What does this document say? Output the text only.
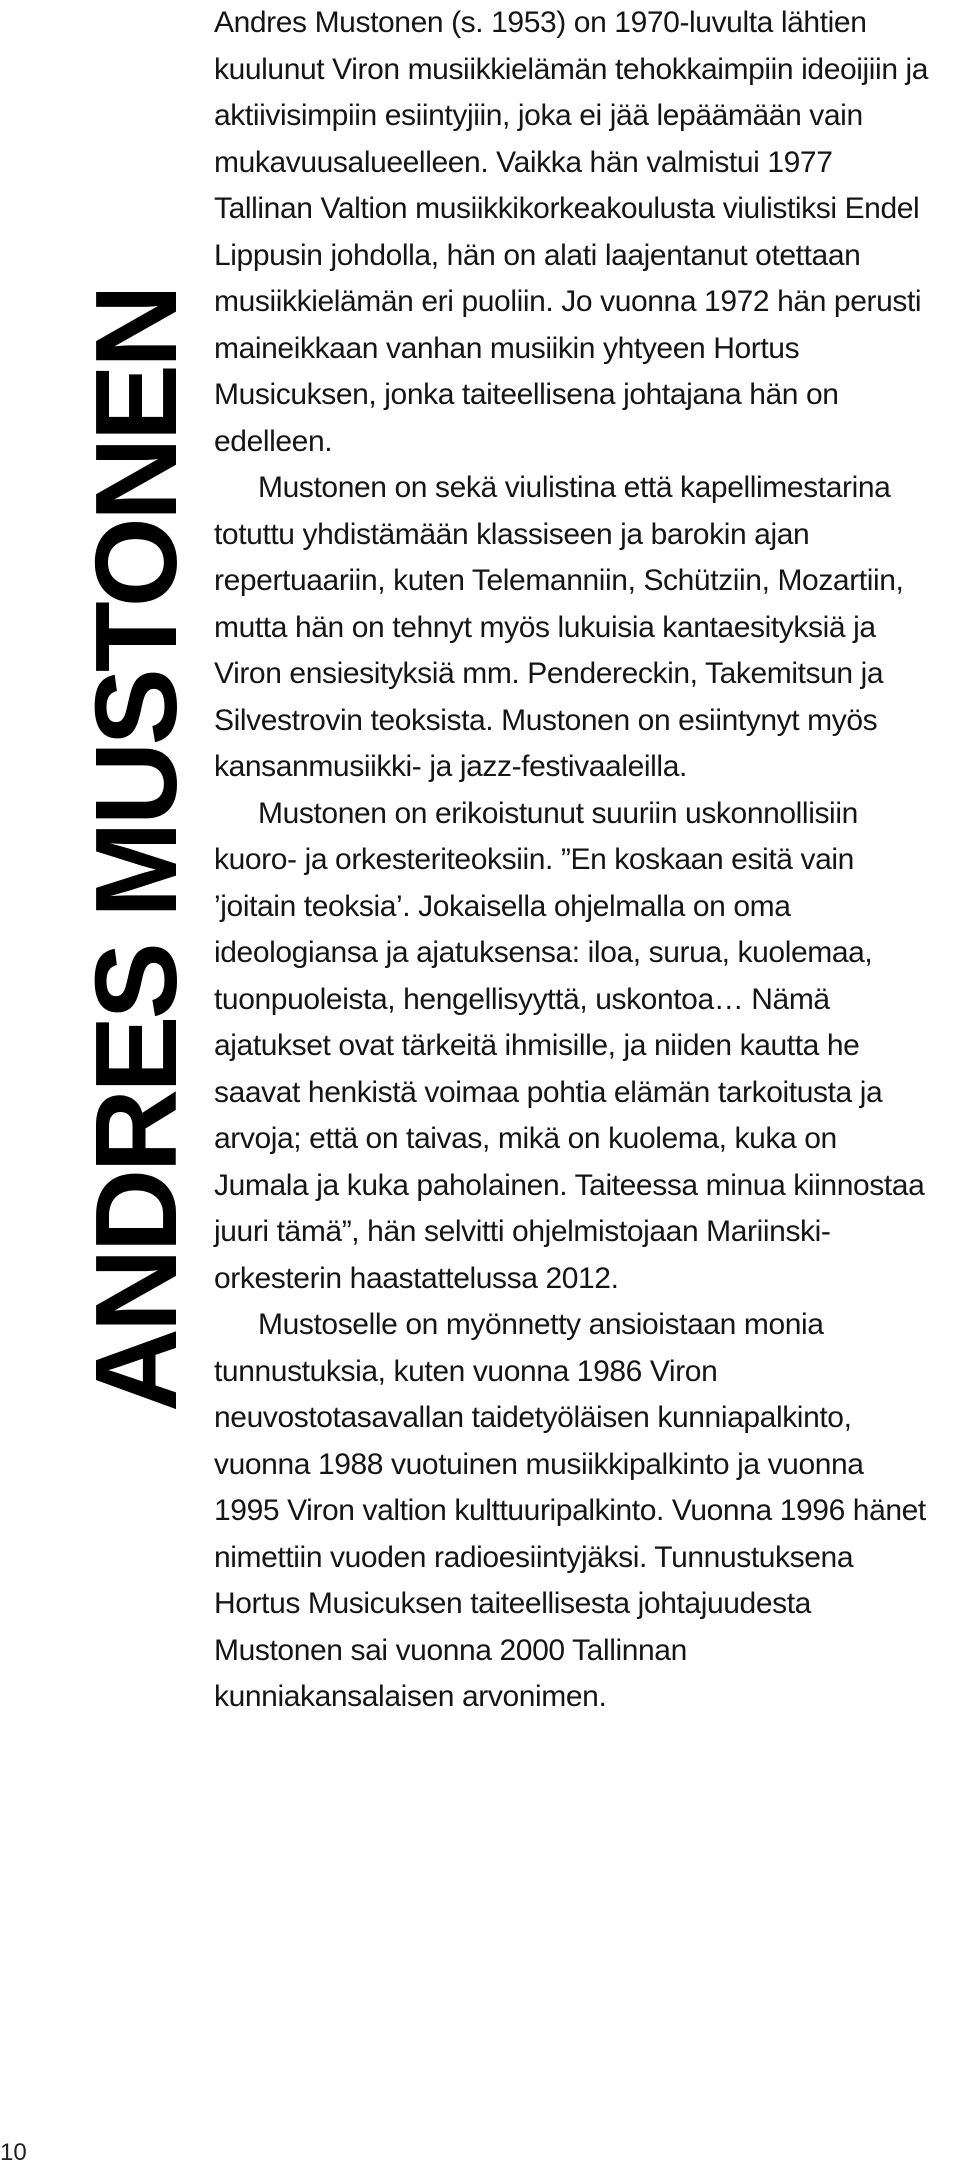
ANDRES MUSTONEN

Andres Mustonen (s. 1953) on 1970-luvulta lähtien kuulunut Viron musiikkielämän tehokkaimpiin ideoijiin ja aktiivisimpiin esiintyjiin, joka ei jää lepäämään vain mukavuusalueelleen. Vaikka hän valmistui 1977 Tallinan Valtion musiikkikorkeakoulusta viulistiksi Endel Lippusin johdolla, hän on alati laajentanut otettaan musiikkielämän eri puoliin. Jo vuonna 1972 hän perusti maineikkaan vanhan musiikin yhtyeen Hortus Musicuksen, jonka taiteellisena johtajana hän on edelleen.

Mustonen on sekä viulistina että kapellimestarina totuttu yhdistämään klassiseen ja barokin ajan repertuaariin, kuten Telemanniin, Schütziin, Mozartiin, mutta hän on tehnyt myös lukuisia kantaesityksiä ja Viron ensiesityksiä mm. Pendereckin, Takemitsun ja Silvestrovin teoksista. Mustonen on esiintynyt myös kansanmusiikki- ja jazz-festivaaleilla.

Mustonen on erikoistunut suuriin uskonnollisiin kuoro- ja orkesteriteoksiin. ”En koskaan esitä vain ’joitain teoksia’. Jokaisella ohjelmalla on oma ideologiansa ja ajatuksensa: iloa, surua, kuolemaa, tuonpuoleista, hengellisyyttä, uskontoa… Nämä ajatukset ovat tärkeitä ihmisille, ja niiden kautta he saavat henkistä voimaa pohtia elämän tarkoitusta ja arvoja; että on taivas, mikä on kuolema, kuka on Jumala ja kuka paholainen. Taiteessa minua kiinnostaa juuri tämä”, hän selvitti ohjelmistojaan Mariinski-orkesterin haastattelussa 2012.

Mustoselle on myönnetty ansioistaan monia tunnustuksia, kuten vuonna 1986 Viron neuvostotasavallan taidetyöläisen kunniapalkinto, vuonna 1988 vuotuinen musiikkipalkinto ja vuonna 1995 Viron valtion kulttuuripalkinto. Vuonna 1996 hänet nimettiin vuoden radioesiintyjäksi. Tunnustuksena Hortus Musicuksen taiteellisesta johtajuudesta Mustonen sai vuonna 2000 Tallinnan kunniakansalaisen arvonimen.

10
